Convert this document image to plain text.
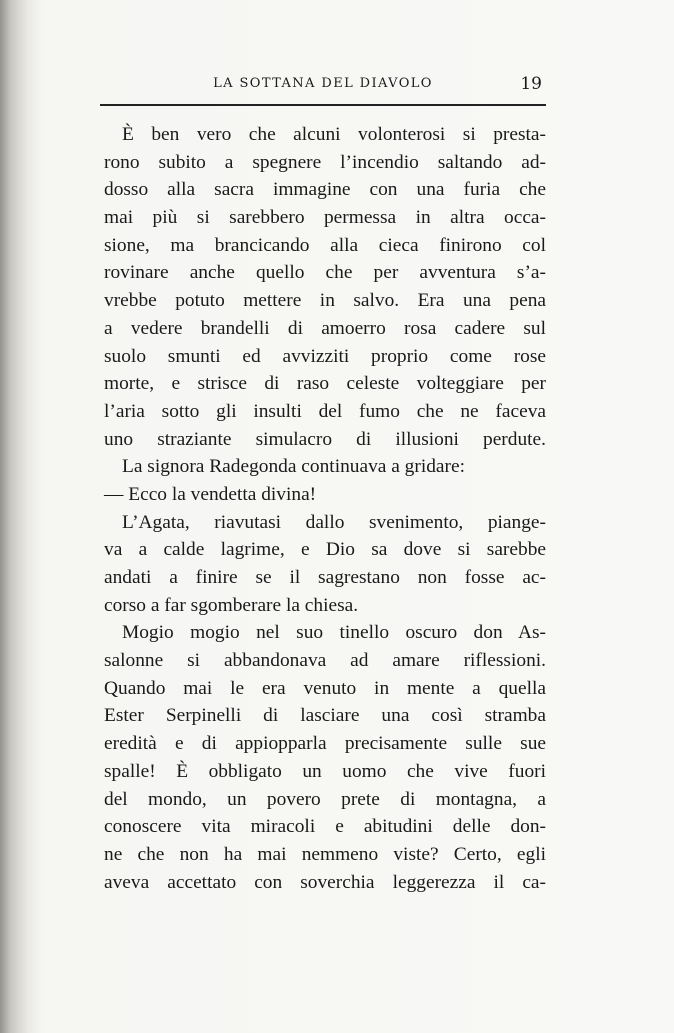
LA SOTTANA DEL DIAVOLO	19
È ben vero che alcuni volonterosi si presta-
rono subito a spegnere l’incendio saltando ad-
dosso alla sacra immagine con una furia che
mai più si sarebbero permessa in altra occa-
sione, ma brancicando alla cieca finirono col
rovinare anche quello che per avventura s’a-
vrebbe potuto mettere in salvo. Era una pena
a vedere brandelli di amoerro rosa cadere sul
suolo smunti ed avvizziti proprio come rose
morte, e strisce di raso celeste volteggiare per
l’aria sotto gli insulti del fumo che ne faceva
uno straziante simulacro di illusioni perdute.
La signora Radegonda continuava a gridare:
— Ecco la vendetta divina!
L’Agata, riavutasi dallo svenimento, piange-
va a calde lagrime, e Dio sa dove si sarebbe
andati a finire se il sagrestano non fosse ac-
corso a far sgomberare la chiesa.
Mogio mogio nel suo tinello oscuro don As-
salonne si abbandonava ad amare riflessioni.
Quando mai le era venuto in mente a quella
Ester Serpinelli di lasciare una così stramba
eredità e di appiopparla precisamente sulle sue
spalle! È obbligato un uomo che vive fuori
del mondo, un povero prete di montagna, a
conoscere vita miracoli e abitudini delle don-
ne che non ha mai nemmeno viste? Certo, egli
aveva accettato con soverchia leggerezza il ca-
